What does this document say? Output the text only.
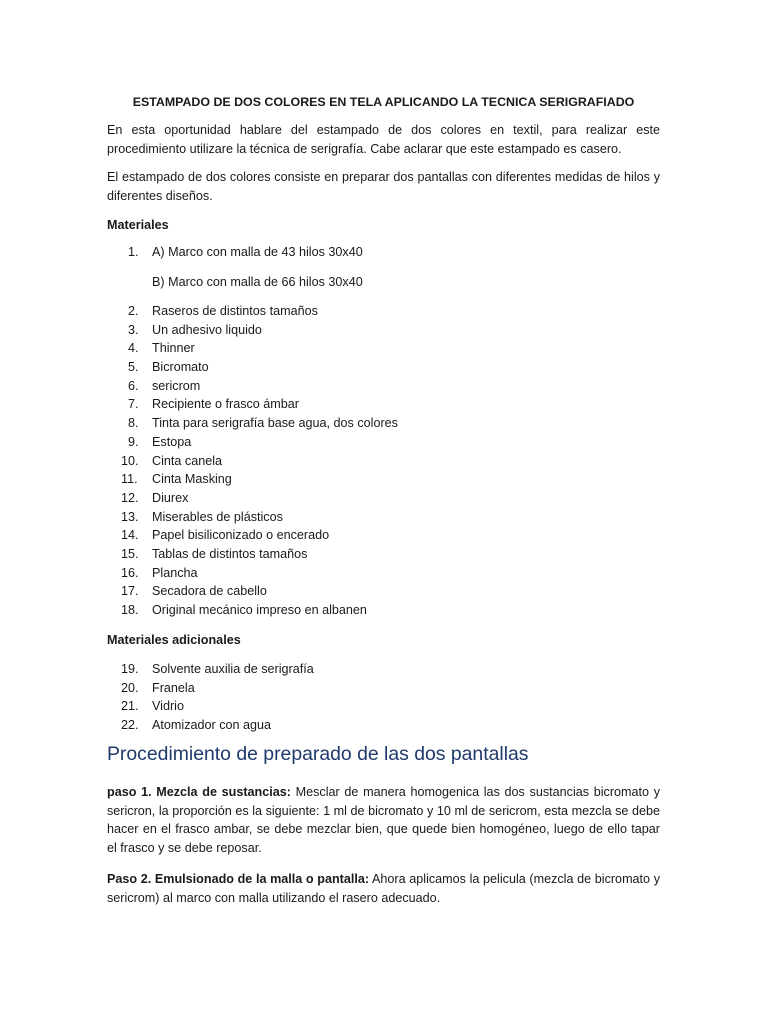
ESTAMPADO DE DOS COLORES EN TELA APLICANDO LA TECNICA SERIGRAFIADO

En esta oportunidad hablare del estampado de dos colores en textil, para realizar este procedimiento utilizare la técnica de serigrafía. Cabe aclarar que este estampado es casero.

El estampado de dos colores consiste en preparar dos pantallas con diferentes medidas de hilos y diferentes diseños.

Materiales
1.	A) Marco con malla de 43 hilos 30x40
B) Marco con malla de 66 hilos 30x40
2.	Raseros de distintos tamaños
3.	Un adhesivo liquido
4.	Thinner
5.	Bicromato
6.	sericrom
7.	Recipiente o frasco ámbar
8.	Tinta para serigrafía base agua, dos colores
9.	Estopa
10.	Cinta canela
11.	Cinta Masking
12.	Diurex
13.	Miserables de plásticos
14.	Papel bisiliconizado o encerado
15.	Tablas de distintos tamaños
16.	Plancha
17.	Secadora de cabello
18.	Original mecánico impreso en albanen
Materiales adicionales
19.	Solvente auxilia de serigrafía
20.	Franela
21.	Vidrio
22.	Atomizador con agua
Procedimiento de preparado de las dos pantallas

paso 1. Mezcla de sustancias: Mesclar de manera homogenica las dos sustancias bicromato y sericron, la proporción es la siguiente: 1 ml de bicromato y 10 ml de sericrom, esta mezcla se debe hacer en el frasco ambar, se debe mezclar bien, que quede bien homogéneo, luego de ello tapar el frasco y se debe reposar.

Paso 2. Emulsionado de la malla o pantalla: Ahora aplicamos la pelicula (mezcla de bicromato y sericrom) al marco con malla utilizando el rasero adecuado.
